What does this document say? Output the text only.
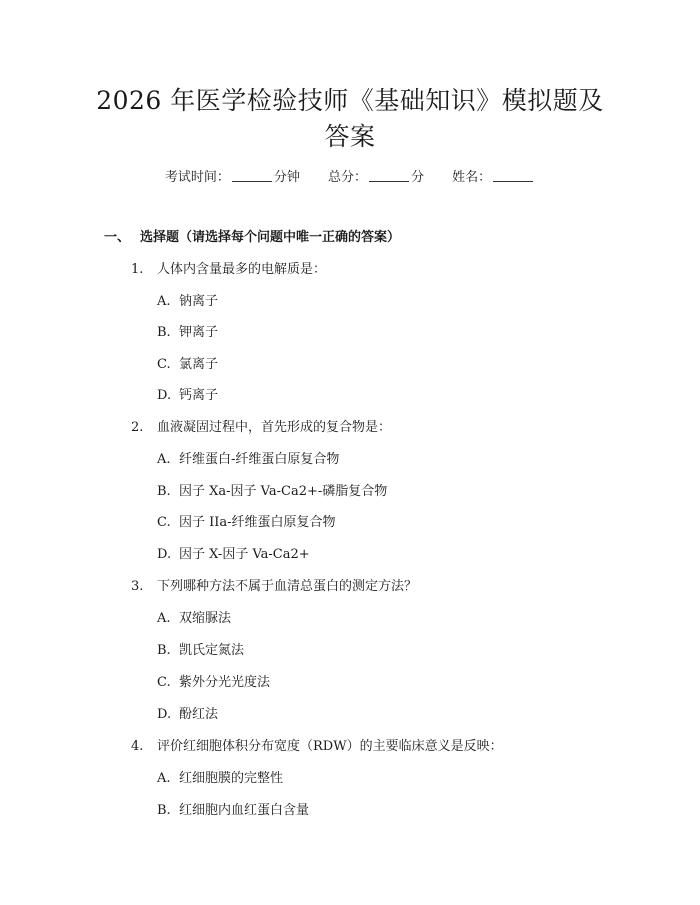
2026 年医学检验技师《基础知识》模拟题及
答案
考试时间：	分钟 总分：	分 姓名：
一、 选择题（请选择每个问题中唯一正确的答案）
1. 人体内含量最多的电解质是：
A. 钠离子
B. 钾离子
C. 氯离子
D. 钙离子
2. 血液凝固过程中，首先形成的复合物是：
A. 纤维蛋白-纤维蛋白原复合物
B. 因子 Xa-因子 Va-Ca2+-磷脂复合物
C. 因子 IIa-纤维蛋白原复合物
D. 因子 X-因子 Va-Ca2+
3. 下列哪种方法不属于血清总蛋白的测定方法？
A. 双缩脲法
B. 凯氏定氮法
C. 紫外分光光度法
D. 酚红法
4. 评价红细胞体积分布宽度（RDW）的主要临床意义是反映：
A. 红细胞膜的完整性
B. 红细胞内血红蛋白含量
